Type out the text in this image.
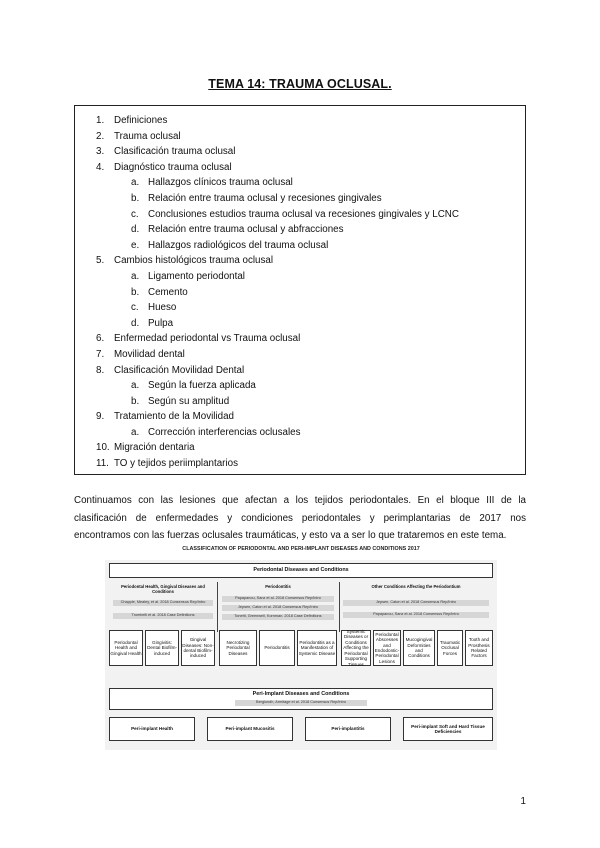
TEMA 14: TRAUMA OCLUSAL.
1. Definiciones
2. Trauma oclusal
3. Clasificación trauma oclusal
4. Diagnóstico trauma oclusal
a. Hallazgos clínicos trauma oclusal
b. Relación entre trauma oclusal y recesiones gingivales
c. Conclusiones estudios trauma oclusal va recesiones gingivales y LCNC
d. Relación entre trauma oclusal y abfracciones
e. Hallazgos radiológicos del trauma oclusal
5. Cambios histológicos trauma oclusal
a. Ligamento periodontal
b. Cemento
c. Hueso
d. Pulpa
6. Enfermedad periodontal vs Trauma oclusal
7. Movilidad dental
8. Clasificación Movilidad Dental
a. Según la fuerza aplicada
b. Según su amplitud
9. Tratamiento de la Movilidad
a. Corrección interferencias oclusales
10. Migración dentaria
11. TO y tejidos periimplantarios
Continuamos con las lesiones que afectan a los tejidos periodontales. En el bloque III de la
clasificación de enfermedades y condiciones periodontales y perimplantarias de 2017 nos
encontramos con las fuerzas oclusales traumáticas, y esto va a ser lo que trataremos en este tema.
CLASSIFICATION OF PERIODONTAL AND PERI-IMPLANT DISEASES AND CONDITIONS 2017
Periodontal Diseases and Conditions
Periodontal Health, Gingival Diseases and Conditions
Periodontitis	Other Conditions Affecting the Periodontium
Chapple, Mealey, et al. 2018 Consensus Rep/Intro
Trombelli et al. 2018 Case Definitions
Papapanou, Sanz et al. 2018 Consensus Rep/Intro
Jepsen, Caton et al. 2018 Consensus Rep/Intro
Tonetti, Greenwell, Kornman. 2018 Case Definitions
Jepsen, Caton et al. 2018 Consensus Rep/Intro
Papapanou, Sanz et al. 2018 Consensus Rep/Intro
Periodontal Health and Gingival Health
Gingivitis: Dental Biofilm-induced
Gingival Diseases: Non-dental Biofilm-induced
Necrotizing Periodontal Diseases
Periodontitis
Periodontitis as a Manifestation of Systemic Disease
Systemic Diseases or Conditions Affecting the Periodontal Supporting Tissues
Periodontal Abscesses and Endodontic-Periodontal Lesions
Mucogingival Deformities and Conditions
Traumatic Occlusal Forces
Tooth and Prosthesis Related Factors
Peri-Implant Diseases and Conditions
Berglundh, Armitage et al. 2018 Consensus Rep/Intro
Peri-implant Health	Peri-implant Mucositis	Peri-implantitis
Peri-implant Soft and Hard Tissue Deficiencies
1
